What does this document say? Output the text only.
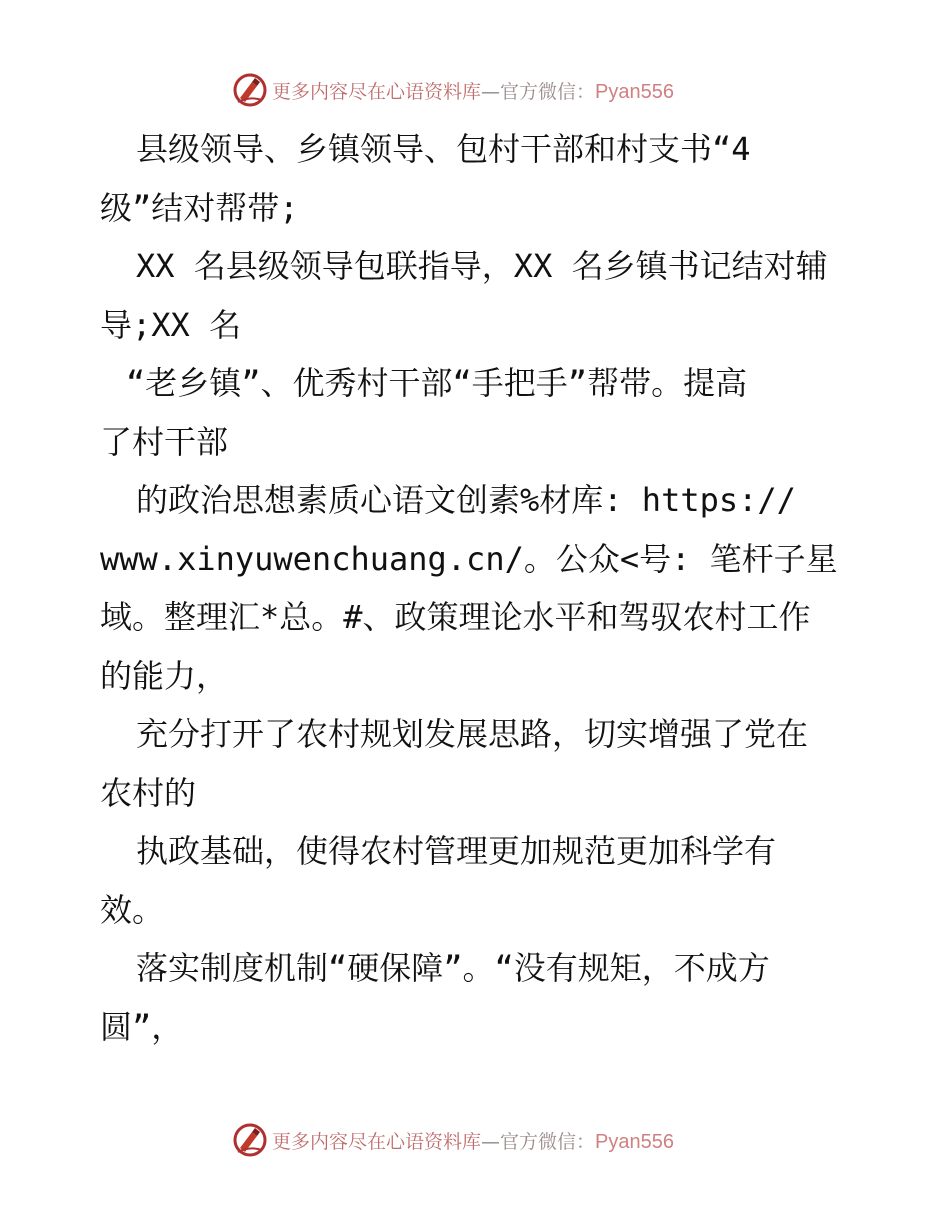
更多内容尽在心语资料库—官方微信：Pyan556
县级领导、乡镇领导、包村干部和村支书“4
级”结对帮带;
XX 名县级领导包联指导，XX 名乡镇书记结对辅
导;XX 名
“老乡镇”、优秀村干部“手把手”帮带。提高
了村干部
的政治思想素质心语文创素%材库: https://
www.xinyuwenchuang.cn/。公众<号: 笔杆子星
域。整理汇*总。#、政策理论水平和驾驭农村工作
的能力，
充分打开了农村规划发展思路，切实增强了党在
农村的
执政基础，使得农村管理更加规范更加科学有
效。
落实制度机制“硬保障”。“没有规矩，不成方
圆”，
更多内容尽在心语资料库—官方微信：Pyan556
